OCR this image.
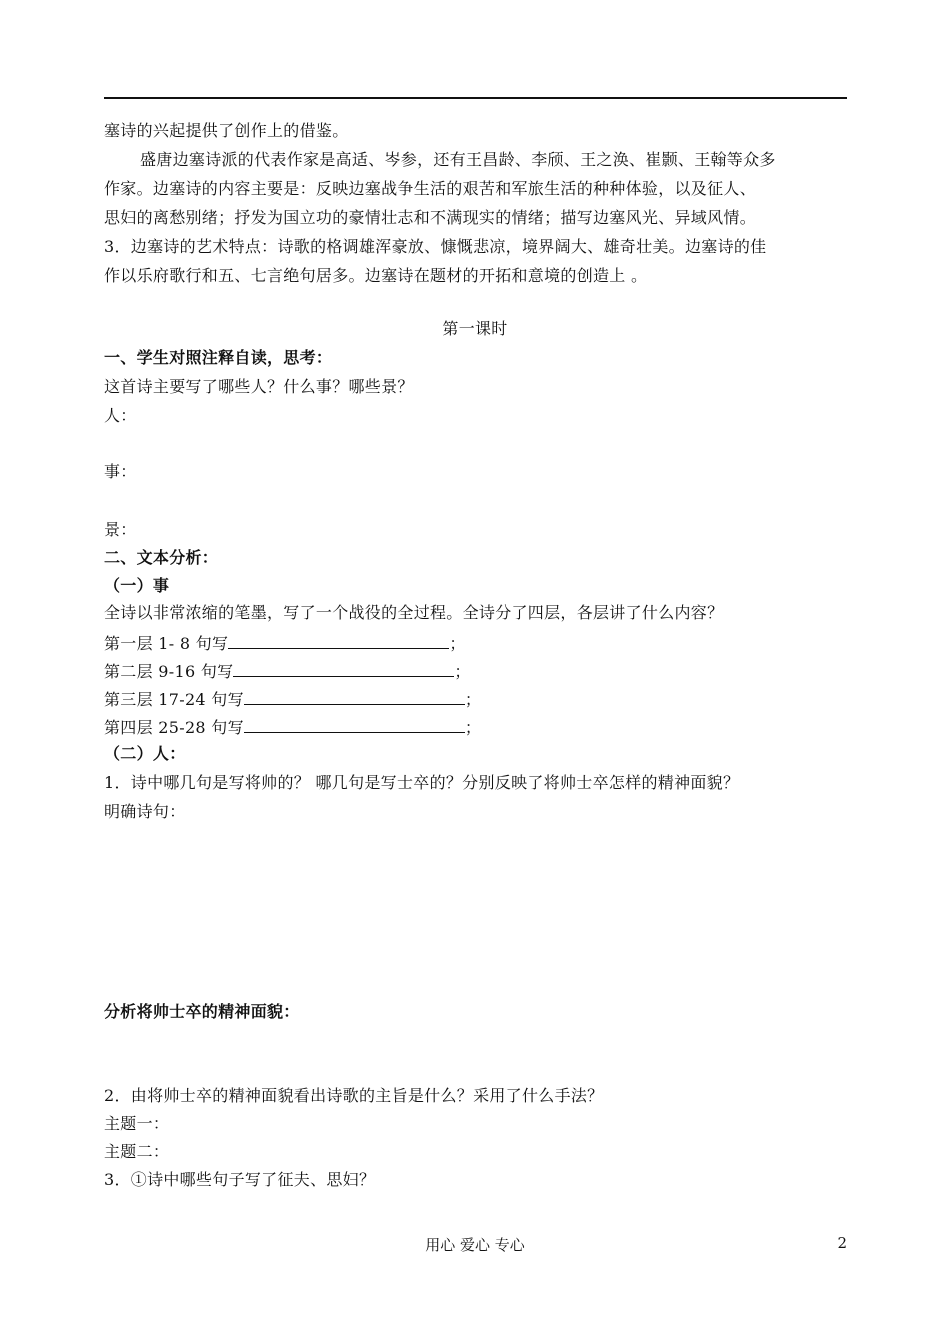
塞诗的兴起提供了创作上的借鉴。
盛唐边塞诗派的代表作家是高适、岑参，还有王昌龄、李颀、王之涣、崔颢、王翰等众多
作家。边塞诗的内容主要是：反映边塞战争生活的艰苦和军旅生活的种种体验，以及征人、
思妇的离愁别绪；抒发为国立功的豪情壮志和不满现实的情绪；描写边塞风光、异域风情。
3．边塞诗的艺术特点：诗歌的格调雄浑豪放、慷慨悲凉，境界阔大、雄奇壮美。边塞诗的佳
作以乐府歌行和五、七言绝句居多。边塞诗在题材的开拓和意境的创造上 。
第一课时
一、学生对照注释自读，思考：
这首诗主要写了哪些人？什么事？哪些景？
人：
事：
景：
二、文本分析：
（一）事
全诗以非常浓缩的笔墨，写了一个战役的全过程。全诗分了四层，各层讲了什么内容？
第一层 1- 8 句写	；
第二层 9-16 句写	；
第三层 17-24 句写	；
第四层 25-28 句写	；
（二）人：
1．诗中哪几句是写将帅的？ 哪几句是写士卒的？分别反映了将帅士卒怎样的精神面貌？
明确诗句：
分析将帅士卒的精神面貌：
2．由将帅士卒的精神面貌看出诗歌的主旨是什么？采用了什么手法？
主题一：
主题二：
3．①诗中哪些句子写了征夫、思妇？
用心 爱心 专心	2
